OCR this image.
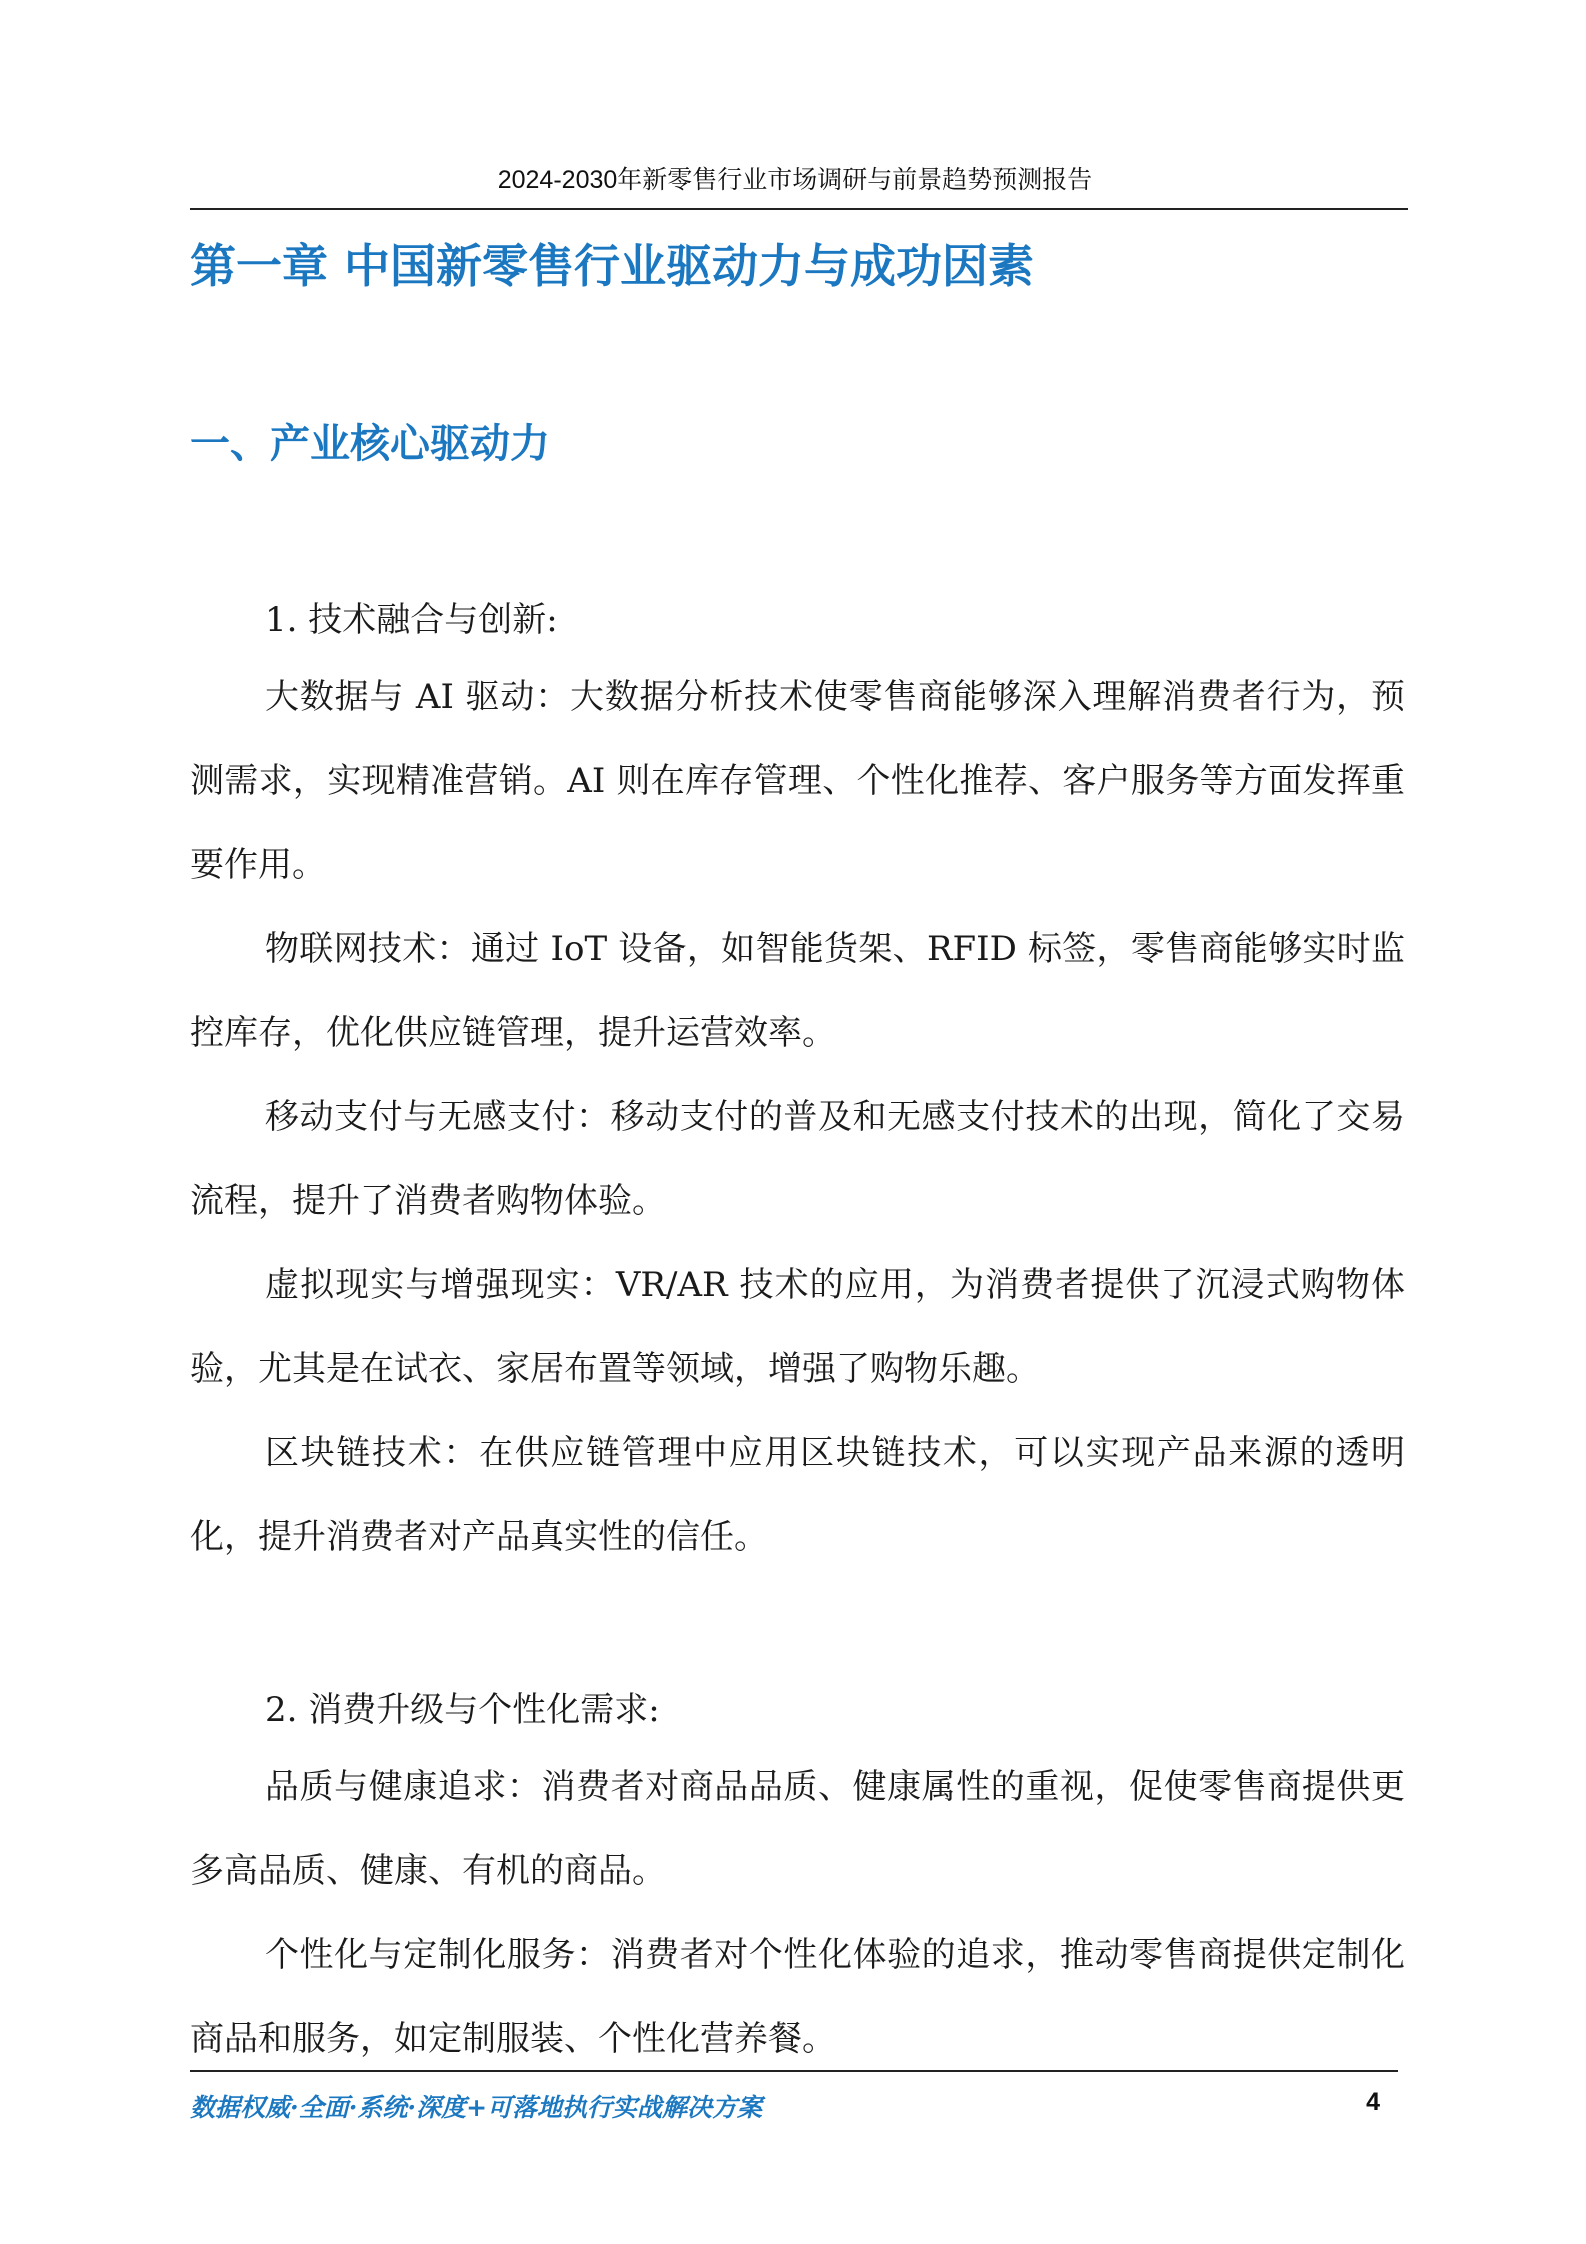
2024-2030年新零售行业市场调研与前景趋势预测报告
第一章 中国新零售行业驱动力与成功因素
一、产业核心驱动力
1. 技术融合与创新:

大数据与 AI 驱动：大数据分析技术使零售商能够深入理解消费者行为，预测需求，实现精准营销。AI 则在库存管理、个性化推荐、客户服务等方面发挥重要作用。

物联网技术：通过 IoT 设备，如智能货架、RFID 标签，零售商能够实时监控库存，优化供应链管理，提升运营效率。

移动支付与无感支付：移动支付的普及和无感支付技术的出现，简化了交易流程，提升了消费者购物体验。

虚拟现实与增强现实：VR/AR 技术的应用，为消费者提供了沉浸式购物体验，尤其是在试衣、家居布置等领域，增强了购物乐趣。

区块链技术：在供应链管理中应用区块链技术，可以实现产品来源的透明化，提升消费者对产品真实性的信任。

2. 消费升级与个性化需求:

品质与健康追求：消费者对商品品质、健康属性的重视，促使零售商提供更多高品质、健康、有机的商品。

个性化与定制化服务：消费者对个性化体验的追求，推动零售商提供定制化商品和服务，如定制服装、个性化营养餐。

数据权威·全面·系统·深度+可落地执行实战解决方案	4
